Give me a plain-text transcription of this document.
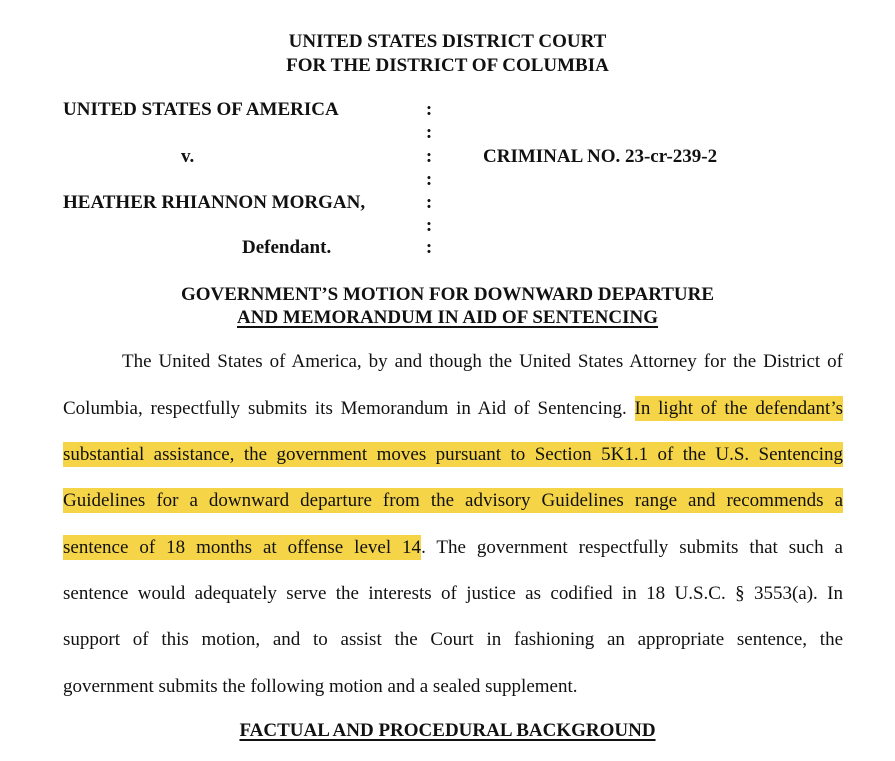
UNITED STATES DISTRICT COURT
FOR THE DISTRICT OF COLUMBIA
UNITED STATES OF AMERICA
v.
HEATHER RHIANNON MORGAN,
Defendant.
CRIMINAL NO. 23-cr-239-2
:
:
:
:
:
:
:
GOVERNMENT’S MOTION FOR DOWNWARD DEPARTURE
AND MEMORANDUM IN AID OF SENTENCING
The United States of America, by and though the United States Attorney for the District of
Columbia, respectfully submits its Memorandum in Aid of Sentencing. In light of the defendant’s
substantial assistance, the government moves pursuant to Section 5K1.1 of the U.S. Sentencing
Guidelines for a downward departure from the advisory Guidelines range and recommends a
sentence of 18 months at offense level 14. The government respectfully submits that such a
sentence would adequately serve the interests of justice as codified in 18 U.S.C. § 3553(a). In
support of this motion, and to assist the Court in fashioning an appropriate sentence, the
government submits the following motion and a sealed supplement.
FACTUAL AND PROCEDURAL BACKGROUND
